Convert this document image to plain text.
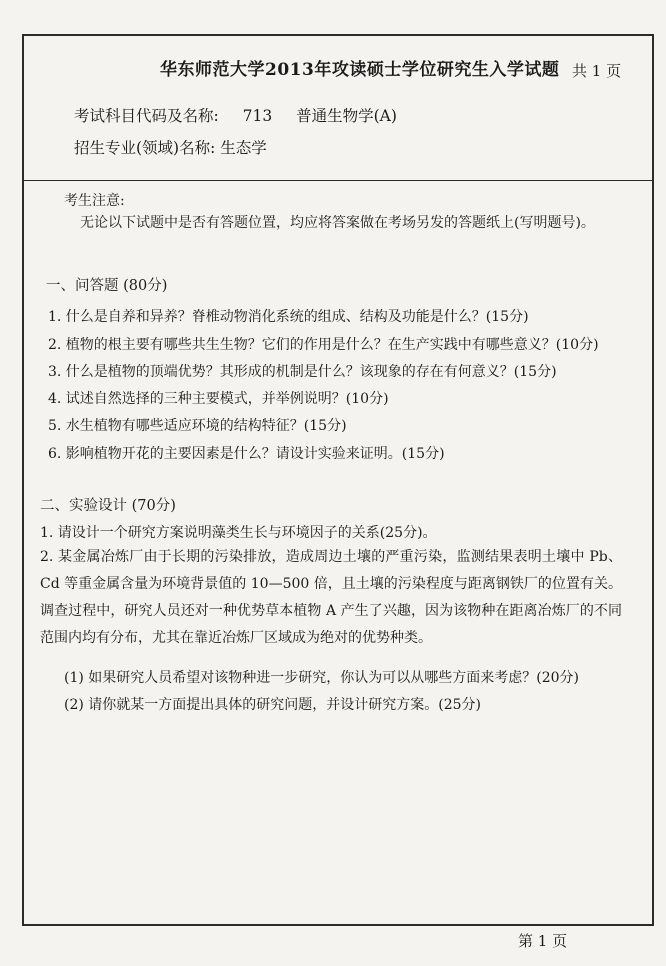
华东师范大学2013年攻读硕士学位研究生入学试题 共 1 页
考试科目代码及名称: 713 普通生物学(A)
招生专业(领域)名称: 生态学
考生注意:
无论以下试题中是否有答题位置，均应将答案做在考场另发的答题纸上(写明题号)。
一、问答题 (80分)
1. 什么是自养和异养？脊椎动物消化系统的组成、结构及功能是什么？(15分)
2. 植物的根主要有哪些共生生物？它们的作用是什么？在生产实践中有哪些意义？(10分)
3. 什么是植物的顶端优势？其形成的机制是什么？该现象的存在有何意义？(15分)
4. 试述自然选择的三种主要模式，并举例说明？(10分)
5. 水生植物有哪些适应环境的结构特征？(15分)
6. 影响植物开花的主要因素是什么？请设计实验来证明。(15分)
二、实验设计 (70分)
1. 请设计一个研究方案说明藻类生长与环境因子的关系(25分)。
2. 某金属冶炼厂由于长期的污染排放，造成周边土壤的严重污染，监测结果表明土壤中 Pb、Cd 等重金属含量为环境背景值的 10—500 倍，且土壤的污染程度与距离钢铁厂的位置有关。调查过程中，研究人员还对一种优势草本植物 A 产生了兴趣，因为该物种在距离冶炼厂的不同范围内均有分布，尤其在靠近冶炼厂区域成为绝对的优势种类。
(1) 如果研究人员希望对该物种进一步研究，你认为可以从哪些方面来考虑？(20分)
(2) 请你就某一方面提出具体的研究问题，并设计研究方案。(25分)
第 1 页
